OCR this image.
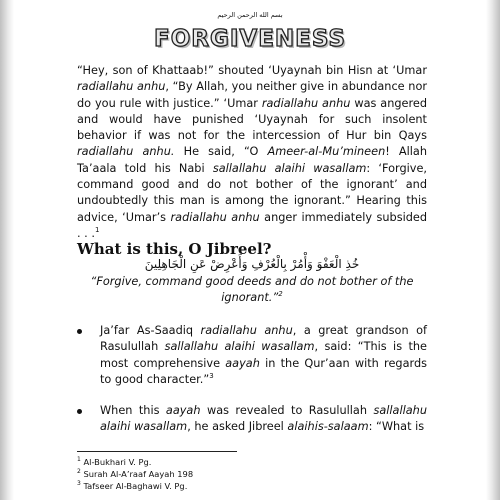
بسم الله الرحمن الرحيم
FORGIVENESS
“Hey, son of Khattaab!” shouted ‘Uyaynah bin Hisn at ‘Umar radiallahu anhu, “By Allah, you neither give in abundance nor do you rule with justice.” ‘Umar radiallahu anhu was angered and would have punished ‘Uyaynah for such insolent behavior if was not for the intercession of Hur bin Qays radiallahu anhu. He said, “O Ameer-al-Mu’mineen! Allah Ta’aala told his Nabi sallallahu alaihi wasallam: ‘Forgive, command good and do not bother of the ignorant’ and undoubtedly this man is among the ignorant.” Hearing this advice, ‘Umar’s radiallahu anhu anger immediately subsided . . .$^1$
What is this, O Jibreel?
خُذِ الْعَفْوَ وَأْمُرْ بِالْعُرْفِ وَأَعْرِضْ عَنِ الْجَاهِلِينَ
“Forgive, command good deeds and do not bother of the ignorant.”$^2$
Ja’far As-Saadiq radiallahu anhu, a great grandson of Rasulullah sallallahu alaihi wasallam, said: “This is the most comprehensive aayah in the Qur’aan with regards to good character.”$^3$
When this aayah was revealed to Rasulullah sallallahu alaihi wasallam, he asked Jibreel alaihis-salaam: “What is
$^1$ Al-Bukhari V. Pg.
$^2$ Surah Al-A’raaf Aayah 198
$^3$ Tafseer Al-Baghawi V. Pg.
